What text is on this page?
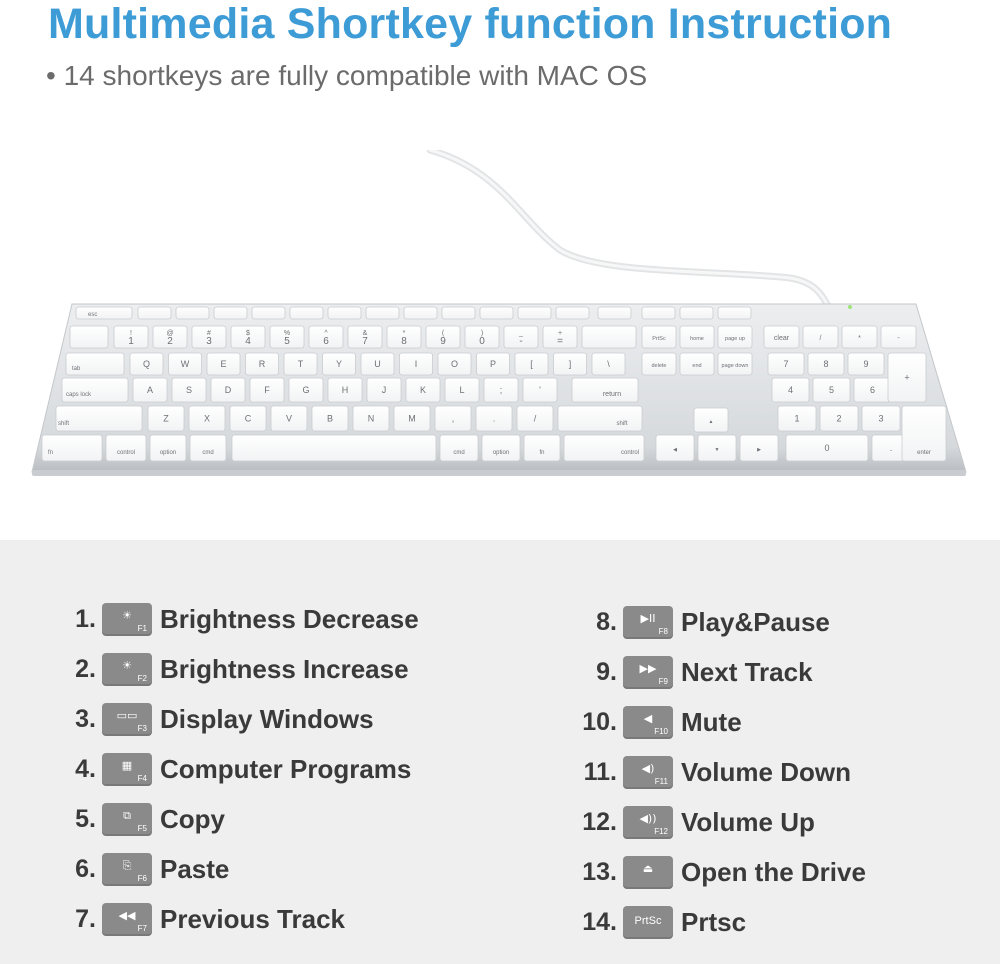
Multimedia Shortkey function Instruction
• 14 shortkeys are fully compatible with MAC OS
esc
1
!
2
@
3
#
4
$
5
%
6
^
7
&
8
*
9
(
0
)
-
_
=
+
tab	Q	W	E	R	T	Y	U	I	O	P	[	]	\
caps lock	A	S	D	F	G	H	J	K	L	;	'	return
shift
Z	X	C	V	B	N	M	,	.	/
shift
fn	control	option	cmd	cmd	option	fn	control
PrtSc
delete
home
end
page up
page down
▲
◀	▼	▶
clear	/	*	-
7	8	9
4	5	6
1	2	3
+
0	.	enter
1.	☀
F1 Brightness Decrease
2.	☀
F2 Brightness Increase
3.	▭▭
F3 Display Windows
4.	▦
F4 Computer Programs
5.	⧉
F5 Copy
6.	⎘
F6 Paste
7.	◀◀
F7 Previous Track
8.	▶II
F8 Play&Pause
9.	▶▶
F9 Next Track
10.	◀
F10 Mute
11.	◀)
F11 Volume Down
12.	◀))
F12 Volume Up
13.	⏏	Open the Drive
14.	PrtSc Prtsc
